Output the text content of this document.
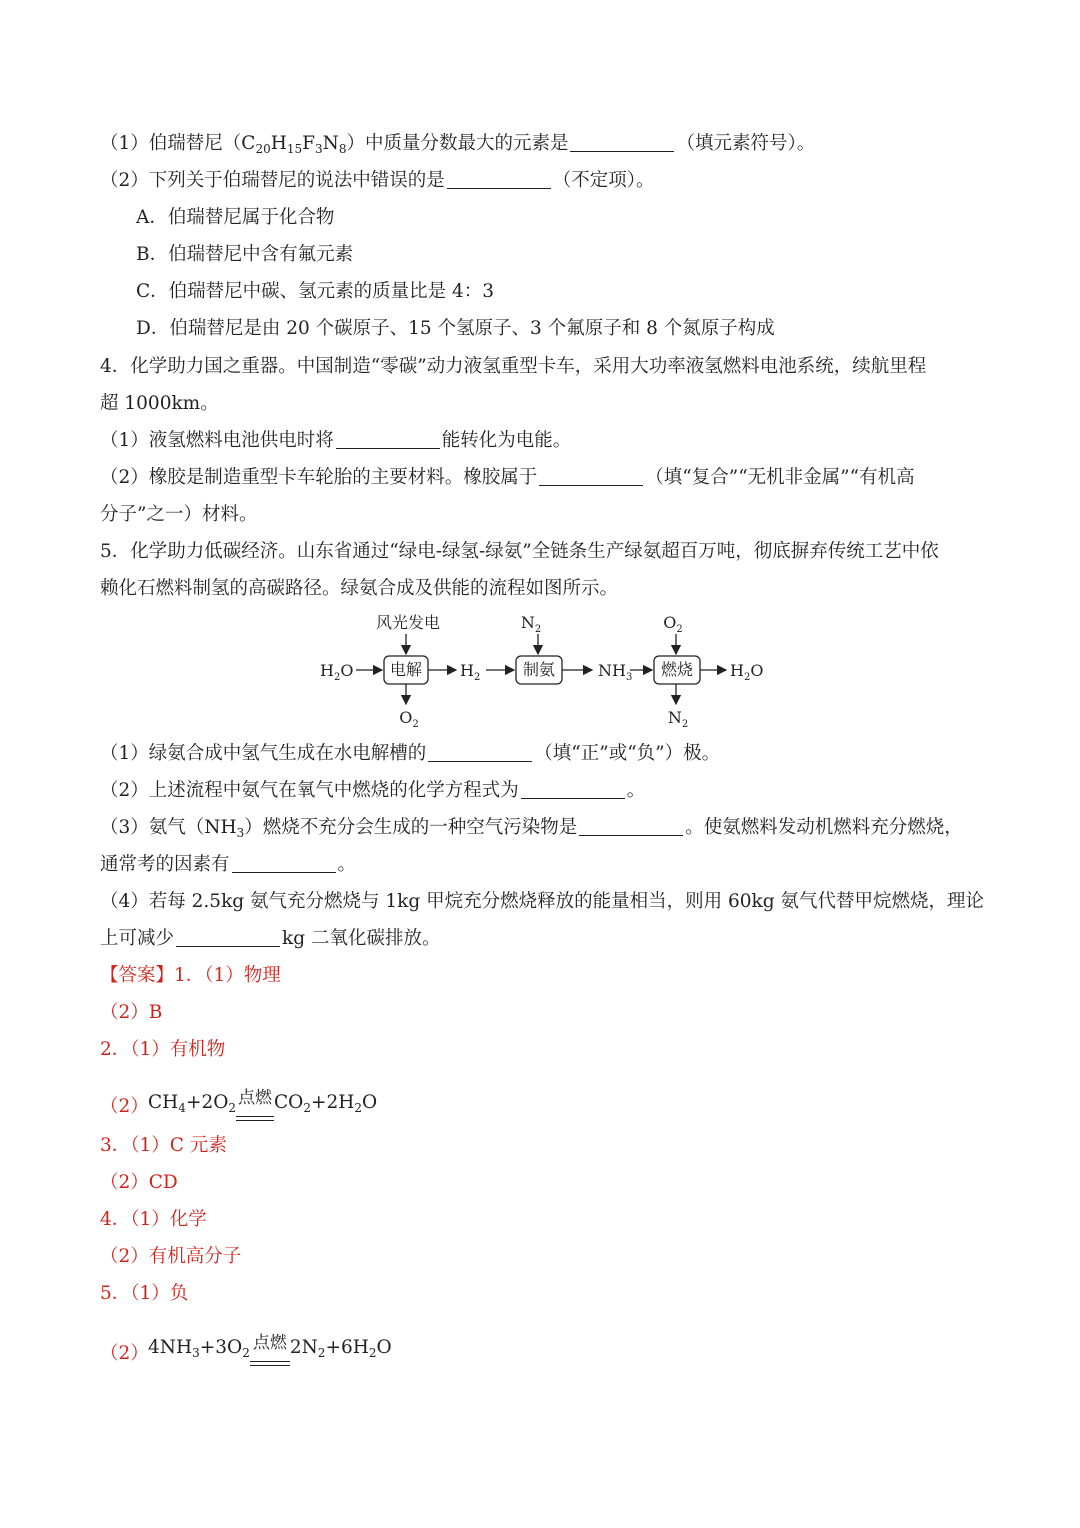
（1）伯瑞替尼$(C_{20}H_{15}F_3N_8)$中质量分数最大的元素是	（填元素符号）。
（2）下列关于伯瑞替尼的说法中错误的是	（不定项）。
A．伯瑞替尼属于化合物
B．伯瑞替尼中含有氟元素
C．伯瑞替尼中碳、氢元素的质量比是 4：3
D．伯瑞替尼是由 20 个碳原子、15 个氢原子、3 个氟原子和 8 个氮原子构成
4．化学助力国之重器。中国制造“零碳”动力液氢重型卡车，采用大功率液氢燃料电池系统，续航里程
超 1000km。
（1）液氢燃料电池供电时将	能转化为电能。
（2）橡胶是制造重型卡车轮胎的主要材料。橡胶属于	（填“复合”“无机非金属”“有机高
分子”之一）材料。
5．化学助力低碳经济。山东省通过“绿电-绿氢-绿氨”全链条生产绿氨超百万吨，彻底摒弃传统工艺中依
赖化石燃料制氢的高碳路径。绿氨合成及供能的流程如图所示。
风光发电	$N_2$	$O_2$
$H_2O$ 电解
$O_2$
$H_2$	制氨	$NH_3$ 燃烧
$N_2$
$H_2O$
（1）绿氨合成中氢气生成在水电解槽的	（填“正”或“负”）极。
（2）上述流程中氨气在氧气中燃烧的化学方程式为	。
（3）氨气$(NH_3)$燃烧不充分会生成的一种空气污染物是	。使氨燃料发动机燃料充分燃烧，
通常考的因素有	。
（4）若每 2.5kg 氨气充分燃烧与 1kg 甲烷充分燃烧释放的能量相当，则用 60kg 氨气代替甲烷燃烧，理论
上可减少	kg 二氧化碳排放。
【答案】1．（1）物理
（2）B
2．（1）有机物
（2） $CH_4+2O_2$ 点燃 $CO_2+2H_2O$
3．（1）C 元素
（2）CD
4．（1）化学
（2）有机高分子
5．（1）负
（2） $4NH_3+3O_2$ 点燃 $2N_2+6H_2O$
